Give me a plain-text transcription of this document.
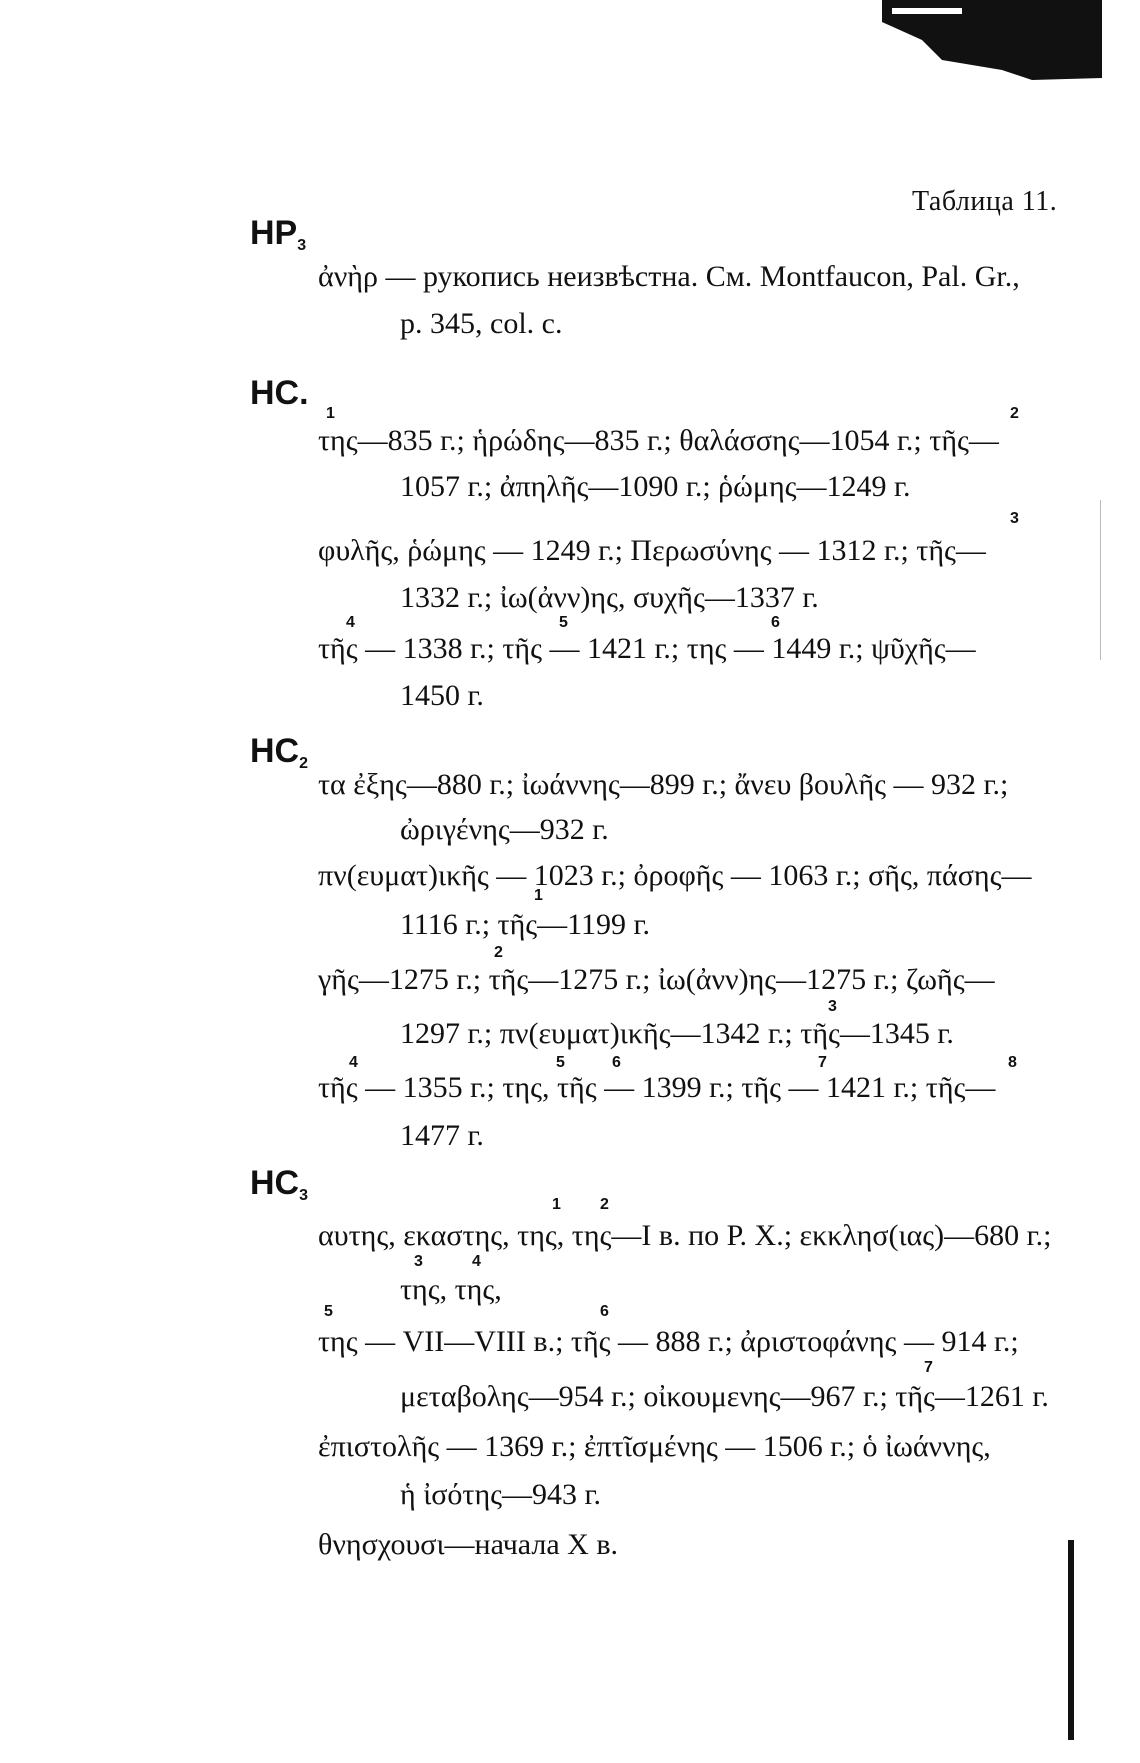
Таблица 11.
$HP_3$
ἀνὴρ — рукопись неизвѣстна. См. Montfaucon, Pal. Gr.,
p. 345, col. c.
HC.
1	2
της—835 г.; ἡρώδης—835 г.; θαλάσσης—1054 г.; τῆς—
1057 г.; ἀπηλῆς—1090 г.; ῥώμης—1249 г.
3
φυλῆς, ῥώμης — 1249 г.; Περωσύνης — 1312 г.; τῆς—
1332 г.; ἰω(ἀνν)ης, συχῆς—1337 г.
4	5	6
τῆς — 1338 г.; τῆς — 1421 г.; της — 1449 г.; ψῦχῆς—
1450 г.
$HC_2$
τα ἐξης—880 г.; ἰωάννης—899 г.; ἄνευ βουλῆς — 932 г.;
ὠριγένης—932 г.
πν(ευματ)ικῆς — 1023 г.; ὀροφῆς — 1063 г.; σῆς, πάσης—
1
1116 г.; τῆς—1199 г.
2
γῆς—1275 г.; τῆς—1275 г.; ἰω(ἀνν)ης—1275 г.; ζωῆς—
3
1297 г.; πν(ευματ)ικῆς—1342 г.; τῆς—1345 г.
4	5	6	7	8
τῆς — 1355 г.; της, τῆς — 1399 г.; τῆς — 1421 г.; τῆς—
1477 г.
$HC_3$
1 2
αυτης, εκαστης, της, της—I в. по Р. Х.; εκκλησ(ιας)—680 г.;
3	4
της, της,
5	6
της — VII—VIII в.; τῆς — 888 г.; ἀριστοφάνης — 914 г.;
7
μεταβολης—954 г.; οἰκουμενης—967 г.; τῆς—1261 г.
ἐπιστολῆς — 1369 г.; ἐπτῖσμένης — 1506 г.; ὁ ἰωάννης,
ἡ ἰσότης—943 г.
θνησχουσι—начала X в.
